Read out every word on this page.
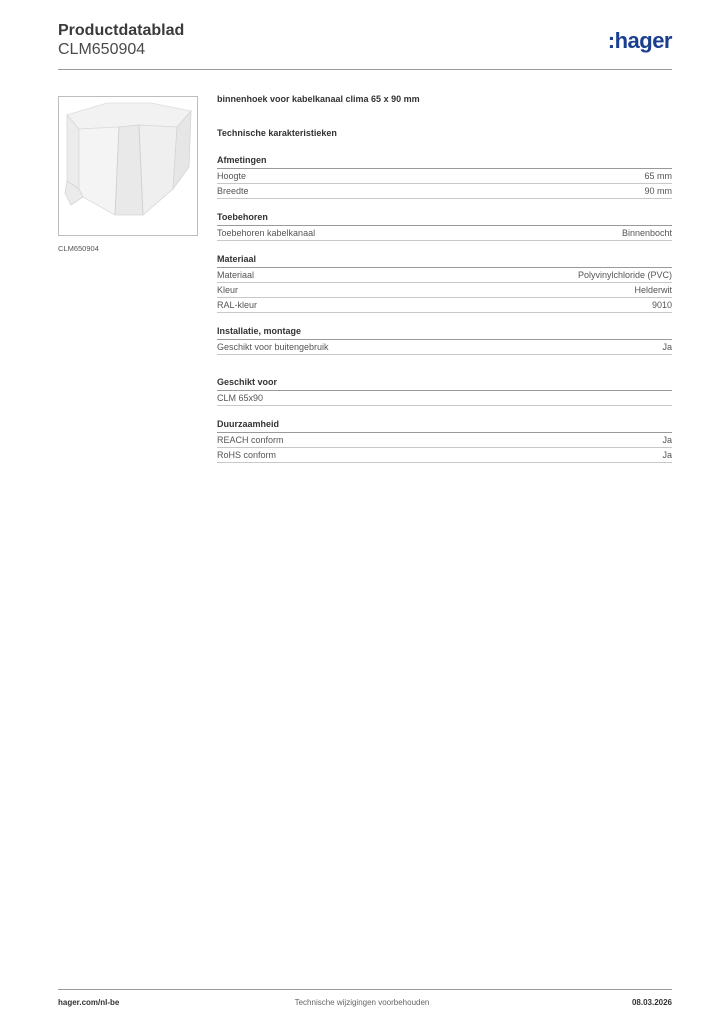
Productdatablad
CLM650904	:hager
CLM650904
binnenhoek voor kabelkanaal clima 65 x 90 mm
Technische karakteristieken
Afmetingen
Hoogte	65 mm
Breedte	90 mm
Toebehoren
Toebehoren kabelkanaal	Binnenbocht
Materiaal
Materiaal	Polyvinylchloride (PVC)
Kleur	Helderwit
RAL-kleur	9010
Installatie, montage
Geschikt voor buitengebruik	Ja
Geschikt voor
CLM 65x90
Duurzaamheid
REACH conform	Ja
RoHS conform	Ja
hager.com/nl-be	Technische wijzigingen voorbehouden	08.03.2026
